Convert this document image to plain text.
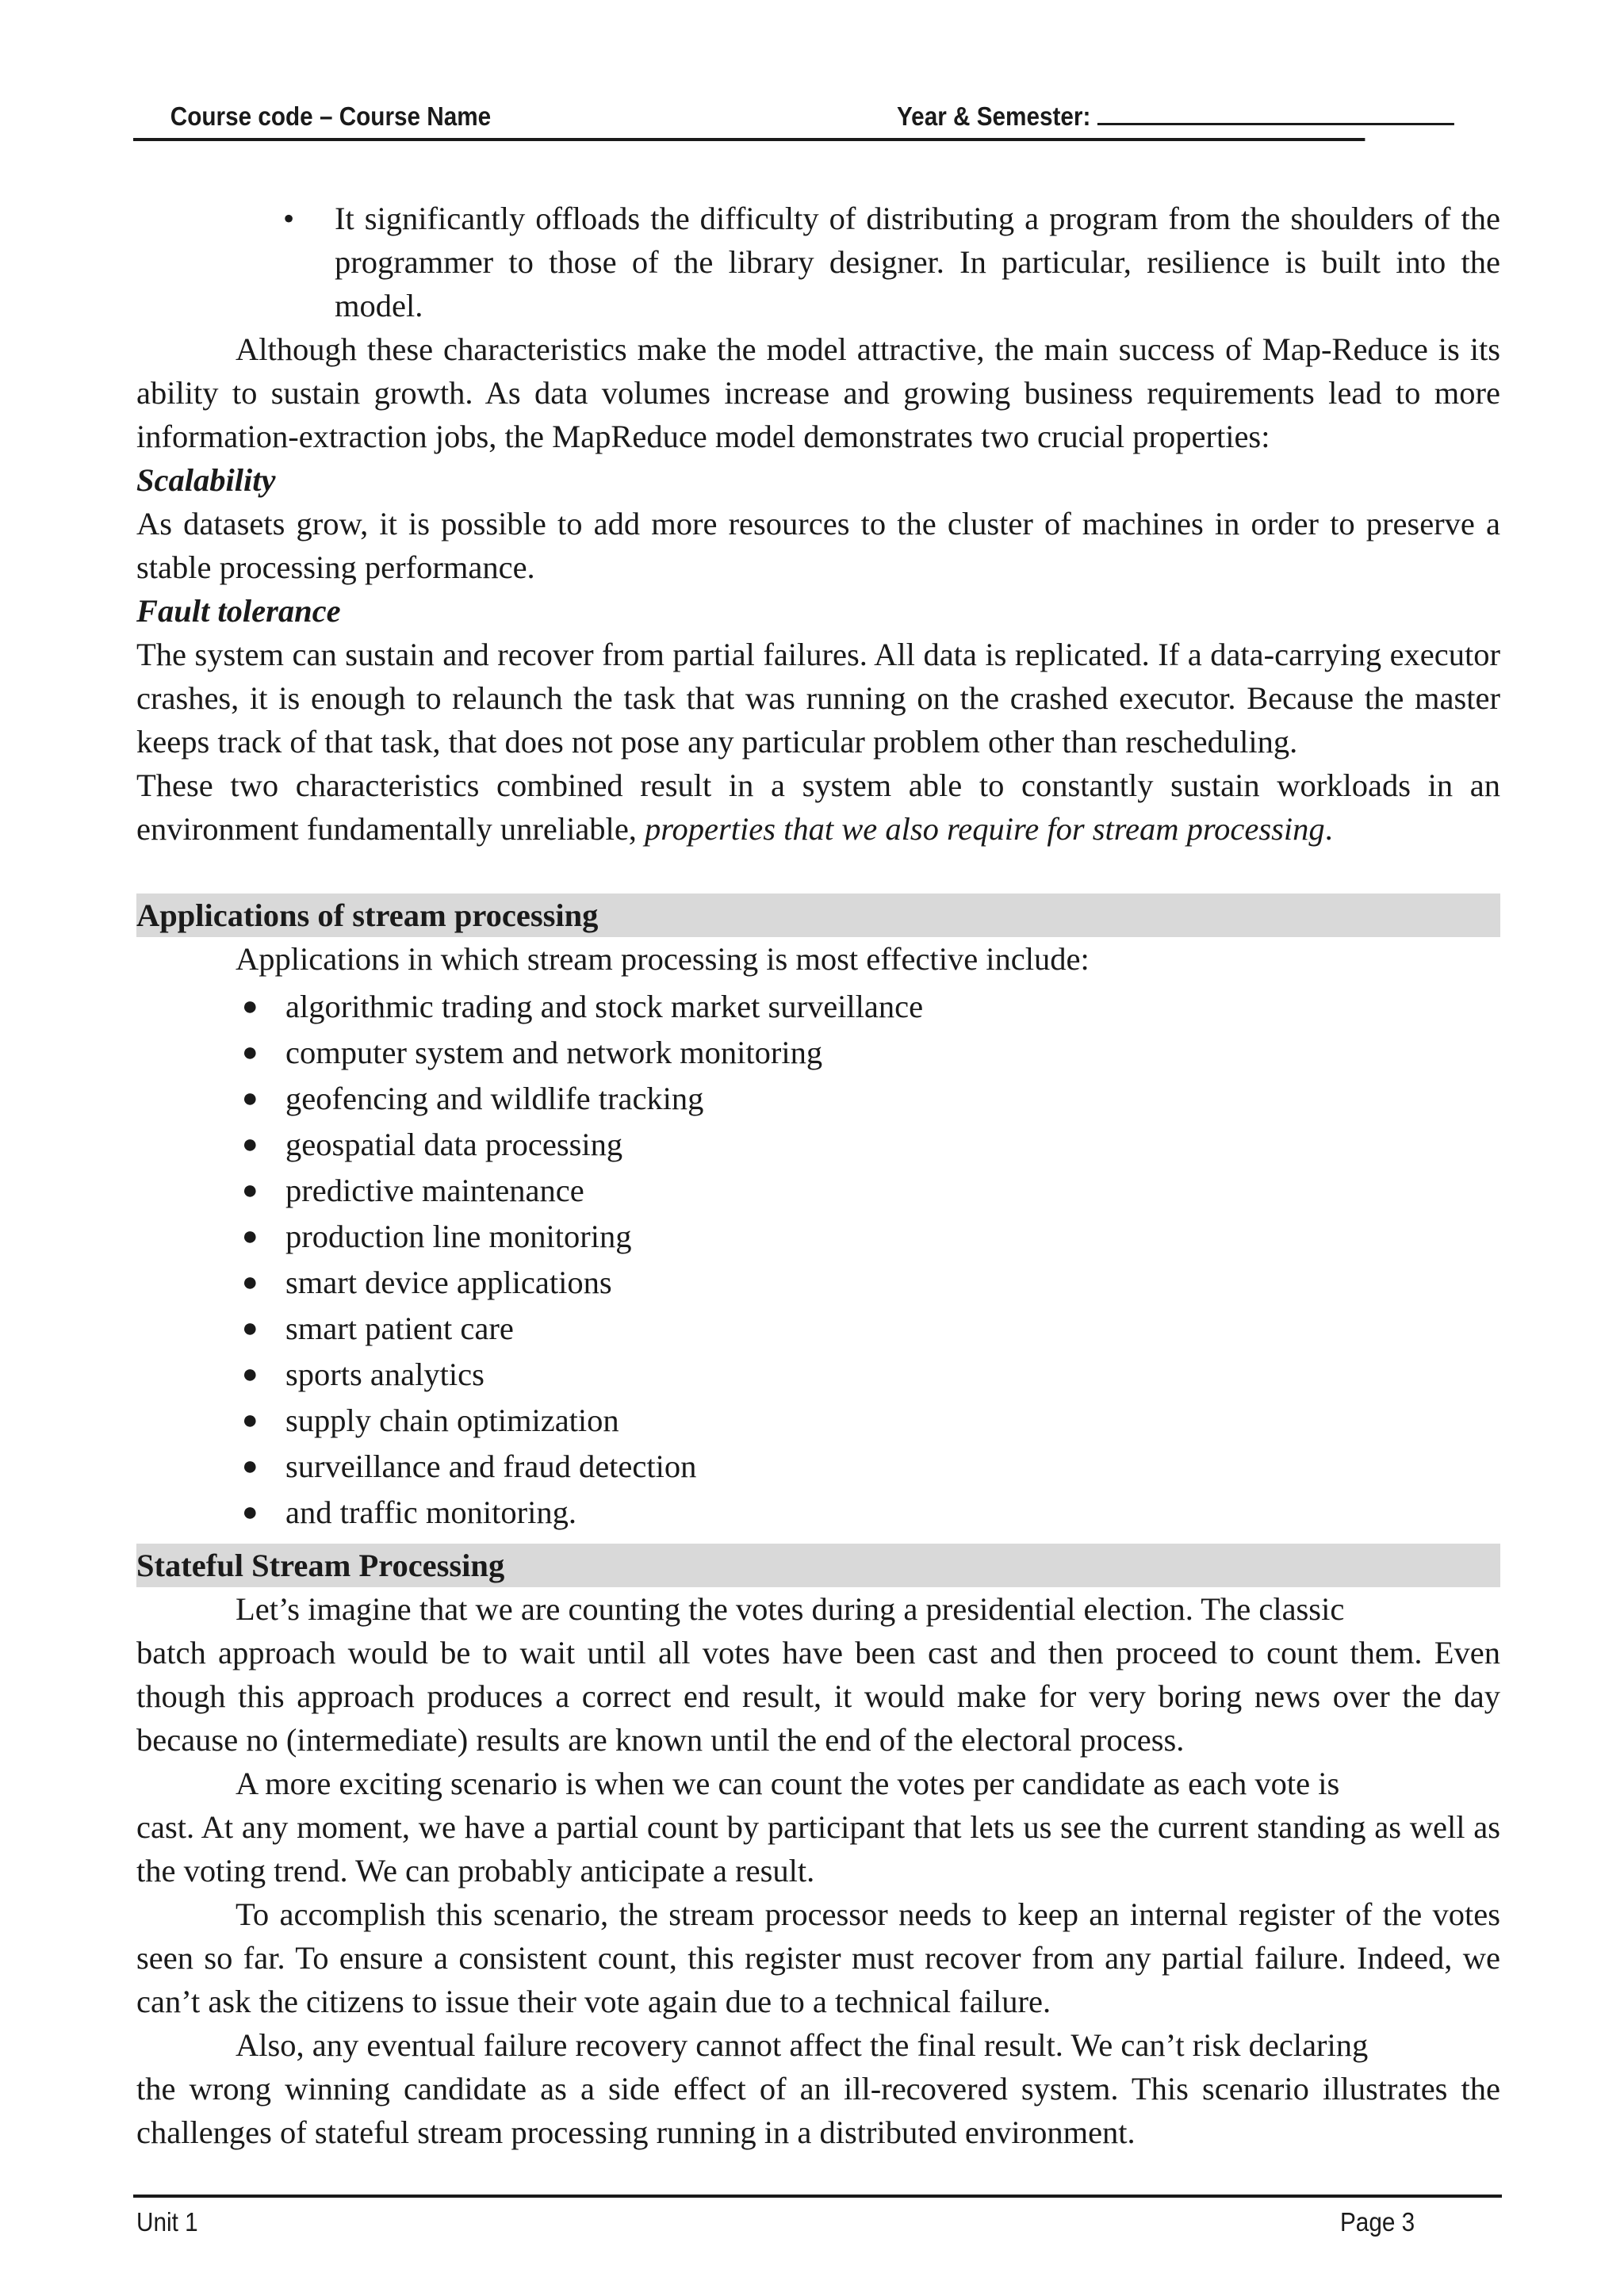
Course code – Course Name	Year & Semester:

• It significantly offloads the difficulty of distributing a program from the shoulders of the programmer to those of the library designer. In particular, resilience is built into the model.

Although these characteristics make the model attractive, the main success of Map-Reduce is its ability to sustain growth. As data volumes increase and growing business requirements lead to more information-extraction jobs, the MapReduce model demonstrates two crucial properties:

Scalability

As datasets grow, it is possible to add more resources to the cluster of machines in order to preserve a stable processing performance.

Fault tolerance

The system can sustain and recover from partial failures. All data is replicated. If a data-carrying executor crashes, it is enough to relaunch the task that was running on the crashed executor. Because the master keeps track of that task, that does not pose any particular problem other than rescheduling.

These two characteristics combined result in a system able to constantly sustain workloads in an environment fundamentally unreliable, properties that we also require for stream processing.

Applications of stream processing

Applications in which stream processing is most effective include:

● algorithmic trading and stock market surveillance
● computer system and network monitoring
● geofencing and wildlife tracking
● geospatial data processing
● predictive maintenance
● production line monitoring
● smart device applications
● smart patient care
● sports analytics
● supply chain optimization
● surveillance and fraud detection
● and traffic monitoring.
Stateful Stream Processing

Let’s imagine that we are counting the votes during a presidential election. The classic

batch approach would be to wait until all votes have been cast and then proceed to count them. Even though this approach produces a correct end result, it would make for very boring news over the day because no (intermediate) results are known until the end of the electoral process.

A more exciting scenario is when we can count the votes per candidate as each vote is

cast. At any moment, we have a partial count by participant that lets us see the current standing as well as the voting trend. We can probably anticipate a result.

To accomplish this scenario, the stream processor needs to keep an internal register of the votes seen so far. To ensure a consistent count, this register must recover from any partial failure. Indeed, we can’t ask the citizens to issue their vote again due to a technical failure.

Also, any eventual failure recovery cannot affect the final result. We can’t risk declaring

the wrong winning candidate as a side effect of an ill-recovered system. This scenario illustrates the challenges of stateful stream processing running in a distributed environment.

Unit 1	Page 3
